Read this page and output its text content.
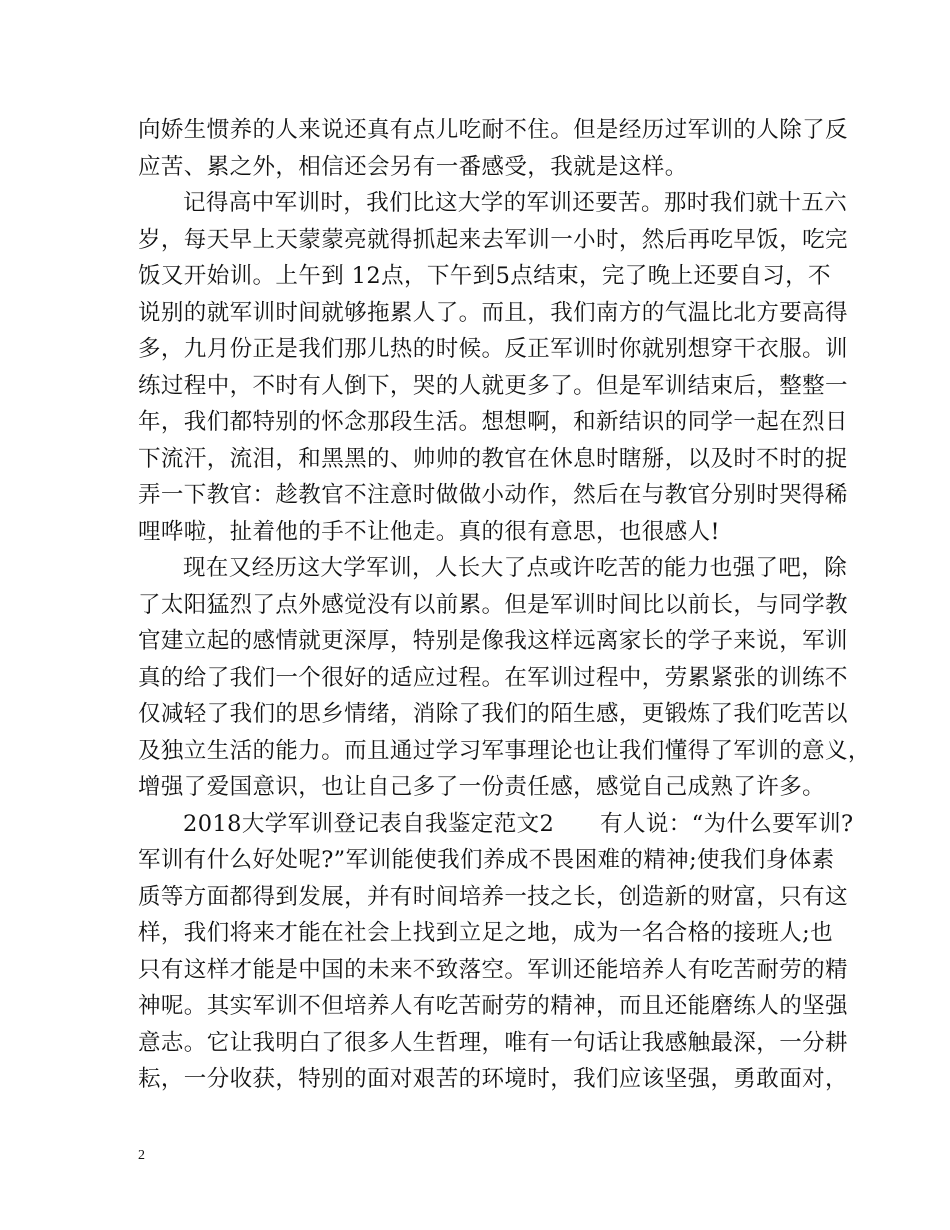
向娇生惯养的人来说还真有点儿吃耐不住。但是经历过军训的人除了反
应苦、累之外，相信还会另有一番感受，我就是这样。
记得高中军训时，我们比这大学的军训还要苦。那时我们就十五六
岁，每天早上天蒙蒙亮就得抓起来去军训一小时，然后再吃早饭，吃完
饭又开始训。上午到 12点，下午到5点结束，完了晚上还要自习，不
说别的就军训时间就够拖累人了。而且，我们南方的气温比北方要高得
多，九月份正是我们那儿热的时候。反正军训时你就别想穿干衣服。训
练过程中，不时有人倒下，哭的人就更多了。但是军训结束后，整整一
年，我们都特别的怀念那段生活。想想啊，和新结识的同学一起在烈日
下流汗，流泪，和黑黑的、帅帅的教官在休息时瞎掰，以及时不时的捉
弄一下教官：趁教官不注意时做做小动作，然后在与教官分别时哭得稀
哩哗啦，扯着他的手不让他走。真的很有意思，也很感人!
现在又经历这大学军训，人长大了点或许吃苦的能力也强了吧，除
了太阳猛烈了点外感觉没有以前累。但是军训时间比以前长，与同学教
官建立起的感情就更深厚，特别是像我这样远离家长的学子来说，军训
真的给了我们一个很好的适应过程。在军训过程中，劳累紧张的训练不
仅减轻了我们的思乡情绪，消除了我们的陌生感，更锻炼了我们吃苦以
及独立生活的能力。而且通过学习军事理论也让我们懂得了军训的意义，
增强了爱国意识，也让自己多了一份责任感，感觉自己成熟了许多。
2018大学军训登记表自我鉴定范文2　　有人说：“为什么要军训?
军训有什么好处呢?”军训能使我们养成不畏困难的精神;使我们身体素
质等方面都得到发展，并有时间培养一技之长，创造新的财富，只有这
样，我们将来才能在社会上找到立足之地，成为一名合格的接班人;也
只有这样才能是中国的未来不致落空。军训还能培养人有吃苦耐劳的精
神呢。其实军训不但培养人有吃苦耐劳的精神，而且还能磨练人的坚强
意志。它让我明白了很多人生哲理，唯有一句话让我感触最深，一分耕
耘，一分收获，特别的面对艰苦的环境时，我们应该坚强，勇敢面对，
2
